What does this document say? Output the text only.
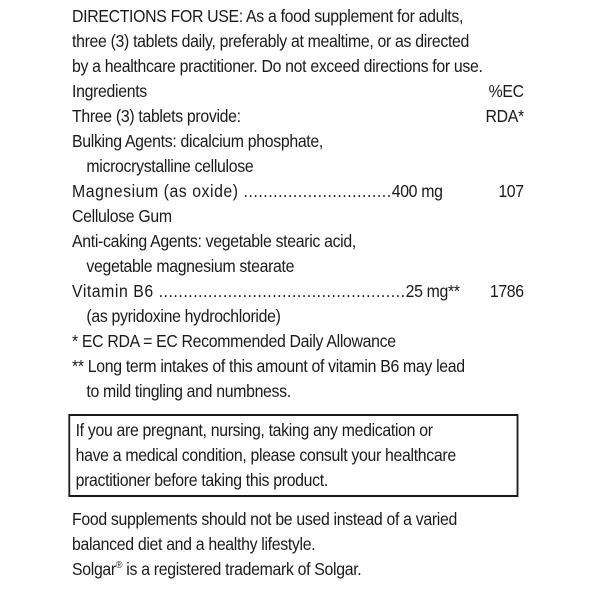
DIRECTIONS FOR USE: As a food supplement for adults,
three (3) tablets daily, preferably at mealtime, or as directed
by a healthcare practitioner. Do not exceed directions for use.
Ingredients	%EC
Three (3) tablets provide:	RDA*
Bulking Agents: dicalcium phosphate,
microcrystalline cellulose
Magnesium (as oxide) ..............................400 mg	107
Cellulose Gum
Anti-caking Agents: vegetable stearic acid,
vegetable magnesium stearate
Vitamin B6 ..................................................25 mg** 1786
(as pyridoxine hydrochloride)
* EC RDA = EC Recommended Daily Allowance
** Long term intakes of this amount of vitamin B6 may lead
to mild tingling and numbness.
If you are pregnant, nursing, taking any medication or
have a medical condition, please consult your healthcare
practitioner before taking this product.
Food supplements should not be used instead of a varied
balanced diet and a healthy lifestyle.
Solgar® is a registered trademark of Solgar.
